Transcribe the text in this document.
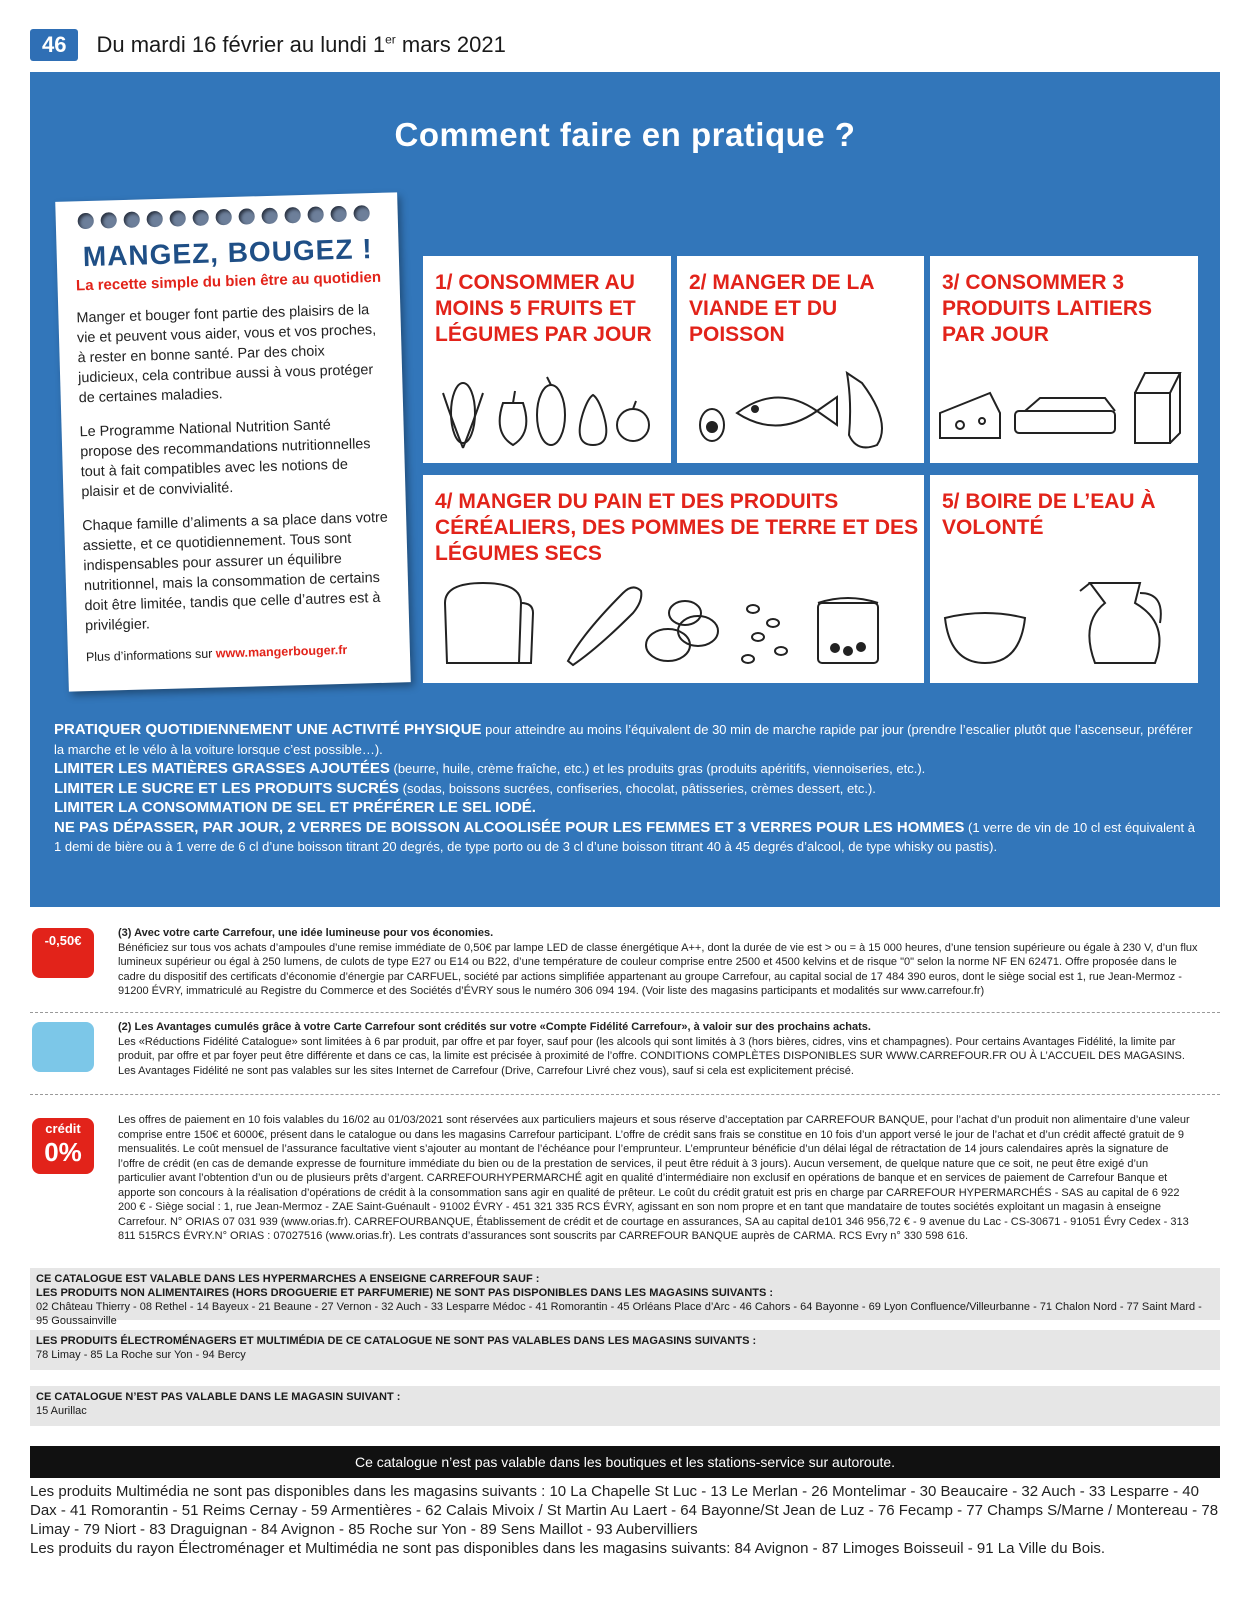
46	Du mardi 16 février au lundi 1er mars 2021
Comment faire en pratique ?
MANGEZ, BOUGEZ !
La recette simple du bien être au quotidien
Manger et bouger font partie des plaisirs de la vie et peuvent vous aider, vous et vos proches, à rester en bonne santé. Par des choix judicieux, cela contribue aussi à vous protéger de certaines maladies.
Le Programme National Nutrition Santé propose des recommandations nutritionnelles tout à fait compatibles avec les notions de plaisir et de convivialité.
Chaque famille d’aliments a sa place dans votre assiette, et ce quotidiennement. Tous sont indispensables pour assurer un équilibre nutritionnel, mais la consommation de certains doit être limitée, tandis que celle d’autres est à privilégier.
Plus d’informations sur www.mangerbouger.fr
1/ CONSOMMER AU MOINS 5 FRUITS ET LÉGUMES PAR JOUR
2/ MANGER DE LA VIANDE ET DU POISSON
3/ CONSOMMER 3 PRODUITS LAITIERS PAR JOUR
4/ MANGER DU PAIN ET DES PRODUITS CÉRÉALIERS, DES POMMES DE TERRE ET DES LÉGUMES SECS
5/ BOIRE DE L’EAU À VOLONTÉ
PRATIQUER QUOTIDIENNEMENT UNE ACTIVITÉ PHYSIQUE pour atteindre au moins l’équivalent de 30 min de marche rapide par jour (prendre l’escalier plutôt que l’ascenseur, préférer la marche et le vélo à la voiture lorsque c’est possible…).
LIMITER LES MATIÈRES GRASSES AJOUTÉES (beurre, huile, crème fraîche, etc.) et les produits gras (produits apéritifs, viennoiseries, etc.).
LIMITER LE SUCRE ET LES PRODUITS SUCRÉS (sodas, boissons sucrées, confiseries, chocolat, pâtisseries, crèmes dessert, etc.).
LIMITER LA CONSOMMATION DE SEL ET PRÉFÉRER LE SEL IODÉ.
NE PAS DÉPASSER, PAR JOUR, 2 VERRES DE BOISSON ALCOOLISÉE POUR LES FEMMES ET 3 VERRES POUR LES HOMMES (1 verre de vin de 10 cl est équivalent à 1 demi de bière ou à 1 verre de 6 cl d’une boisson titrant 20 degrés, de type porto ou de 3 cl d’une boisson titrant 40 à 45 degrés d’alcool, de type whisky ou pastis).
-0,50€	(3) Avec votre carte Carrefour, une idée lumineuse pour vos économies.
Bénéficiez sur tous vos achats d’ampoules d’une remise immédiate de 0,50€ par lampe LED de classe énergétique A++, dont la durée de vie est > ou = à 15 000 heures, d’une tension supérieure ou égale à 230 V, d’un flux lumineux supérieur ou égal à 250 lumens, de culots de type E27 ou E14 ou B22, d’une température de couleur comprise entre 2500 et 4500 kelvins et de risque "0" selon la norme NF EN 62471. Offre proposée dans le cadre du dispositif des certificats d’économie d’énergie par CARFUEL, société par actions simplifiée appartenant au groupe Carrefour, au capital social de 17 484 390 euros, dont le siège social est 1, rue Jean-Mermoz - 91200 ÉVRY, immatriculé au Registre du Commerce et des Sociétés d’ÉVRY sous le numéro 306 094 194. (Voir liste des magasins participants et modalités sur www.carrefour.fr)
(2) Les Avantages cumulés grâce à votre Carte Carrefour sont crédités sur votre «Compte Fidélité Carrefour», à valoir sur des prochains achats.
Les «Réductions Fidélité Catalogue» sont limitées à 6 par produit, par offre et par foyer, sauf pour (les alcools qui sont limités à 3 (hors bières, cidres, vins et champagnes). Pour certains Avantages Fidélité, la limite par produit, par offre et par foyer peut être différente et dans ce cas, la limite est précisée à proximité de l’offre. CONDITIONS COMPLÈTES DISPONIBLES SUR WWW.CARREFOUR.FR OU À L’ACCUEIL DES MAGASINS. Les Avantages Fidélité ne sont pas valables sur les sites Internet de Carrefour (Drive, Carrefour Livré chez vous), sauf si cela est explicitement précisé.
crédit
0%
Les offres de paiement en 10 fois valables du 16/02 au 01/03/2021 sont réservées aux particuliers majeurs et sous réserve d’acceptation par CARREFOUR BANQUE, pour l’achat d’un produit non alimentaire d’une valeur comprise entre 150€ et 6000€, présent dans le catalogue ou dans les magasins Carrefour participant. L’offre de crédit sans frais se constitue en 10 fois d’un apport versé le jour de l’achat et d’un crédit affecté gratuit de 9 mensualités. Le coût mensuel de l’assurance facultative vient s’ajouter au montant de l’échéance pour l’emprunteur. L’emprunteur bénéficie d’un délai légal de rétractation de 14 jours calendaires après la signature de l’offre de crédit (en cas de demande expresse de fourniture immédiate du bien ou de la prestation de services, il peut être réduit à 3 jours). Aucun versement, de quelque nature que ce soit, ne peut être exigé d’un particulier avant l’obtention d’un ou de plusieurs prêts d’argent. CARREFOURHYPERMARCHÉ agit en qualité d’intermédiaire non exclusif en opérations de banque et en services de paiement de Carrefour Banque et apporte son concours à la réalisation d’opérations de crédit à la consommation sans agir en qualité de prêteur. Le coût du crédit gratuit est pris en charge par CARREFOUR HYPERMARCHÉS - SAS au capital de 6 922 200 € - Siège social : 1, rue Jean-Mermoz - ZAE Saint-Guénault - 91002 ÉVRY - 451 321 335 RCS ÉVRY, agissant en son nom propre et en tant que mandataire de toutes sociétés exploitant un magasin à enseigne Carrefour. N° ORIAS 07 031 939 (www.orias.fr). CARREFOURBANQUE, Établissement de crédit et de courtage en assurances, SA au capital de101 346 956,72 € - 9 avenue du Lac - CS-30671 - 91051 Évry Cedex - 313 811 515RCS ÉVRY.N° ORIAS : 07027516 (www.orias.fr). Les contrats d’assurances sont souscrits par CARREFOUR BANQUE auprès de CARMA. RCS Evry n° 330 598 616.
CE CATALOGUE EST VALABLE DANS LES HYPERMARCHES A ENSEIGNE CARREFOUR SAUF :
LES PRODUITS NON ALIMENTAIRES (HORS DROGUERIE ET PARFUMERIE) NE SONT PAS DISPONIBLES DANS LES MAGASINS SUIVANTS :
02 Château Thierry - 08 Rethel - 14 Bayeux - 21 Beaune - 27 Vernon - 32 Auch - 33 Lesparre Médoc - 41 Romorantin - 45 Orléans Place d’Arc - 46 Cahors - 64 Bayonne - 69 Lyon Confluence/Villeurbanne - 71 Chalon Nord - 77 Saint Mard - 95 Goussainville
LES PRODUITS ÉLECTROMÉNAGERS ET MULTIMÉDIA DE CE CATALOGUE NE SONT PAS VALABLES DANS LES MAGASINS SUIVANTS :
78 Limay - 85 La Roche sur Yon - 94 Bercy
CE CATALOGUE N’EST PAS VALABLE DANS LE MAGASIN SUIVANT :
15 Aurillac
Ce catalogue n’est pas valable dans les boutiques et les stations-service sur autoroute.
Les produits Multimédia ne sont pas disponibles dans les magasins suivants : 10 La Chapelle St Luc - 13 Le Merlan - 26 Montelimar - 30 Beaucaire - 32 Auch - 33 Lesparre - 40 Dax - 41 Romorantin - 51 Reims Cernay - 59 Armentières - 62 Calais Mivoix / St Martin Au Laert - 64 Bayonne/St Jean de Luz - 76 Fecamp - 77 Champs S/Marne / Montereau - 78 Limay - 79 Niort - 83 Draguignan - 84 Avignon - 85 Roche sur Yon - 89 Sens Maillot - 93 Aubervilliers
Les produits du rayon Électroménager et Multimédia ne sont pas disponibles dans les magasins suivants: 84 Avignon - 87 Limoges Boisseuil - 91 La Ville du Bois.
